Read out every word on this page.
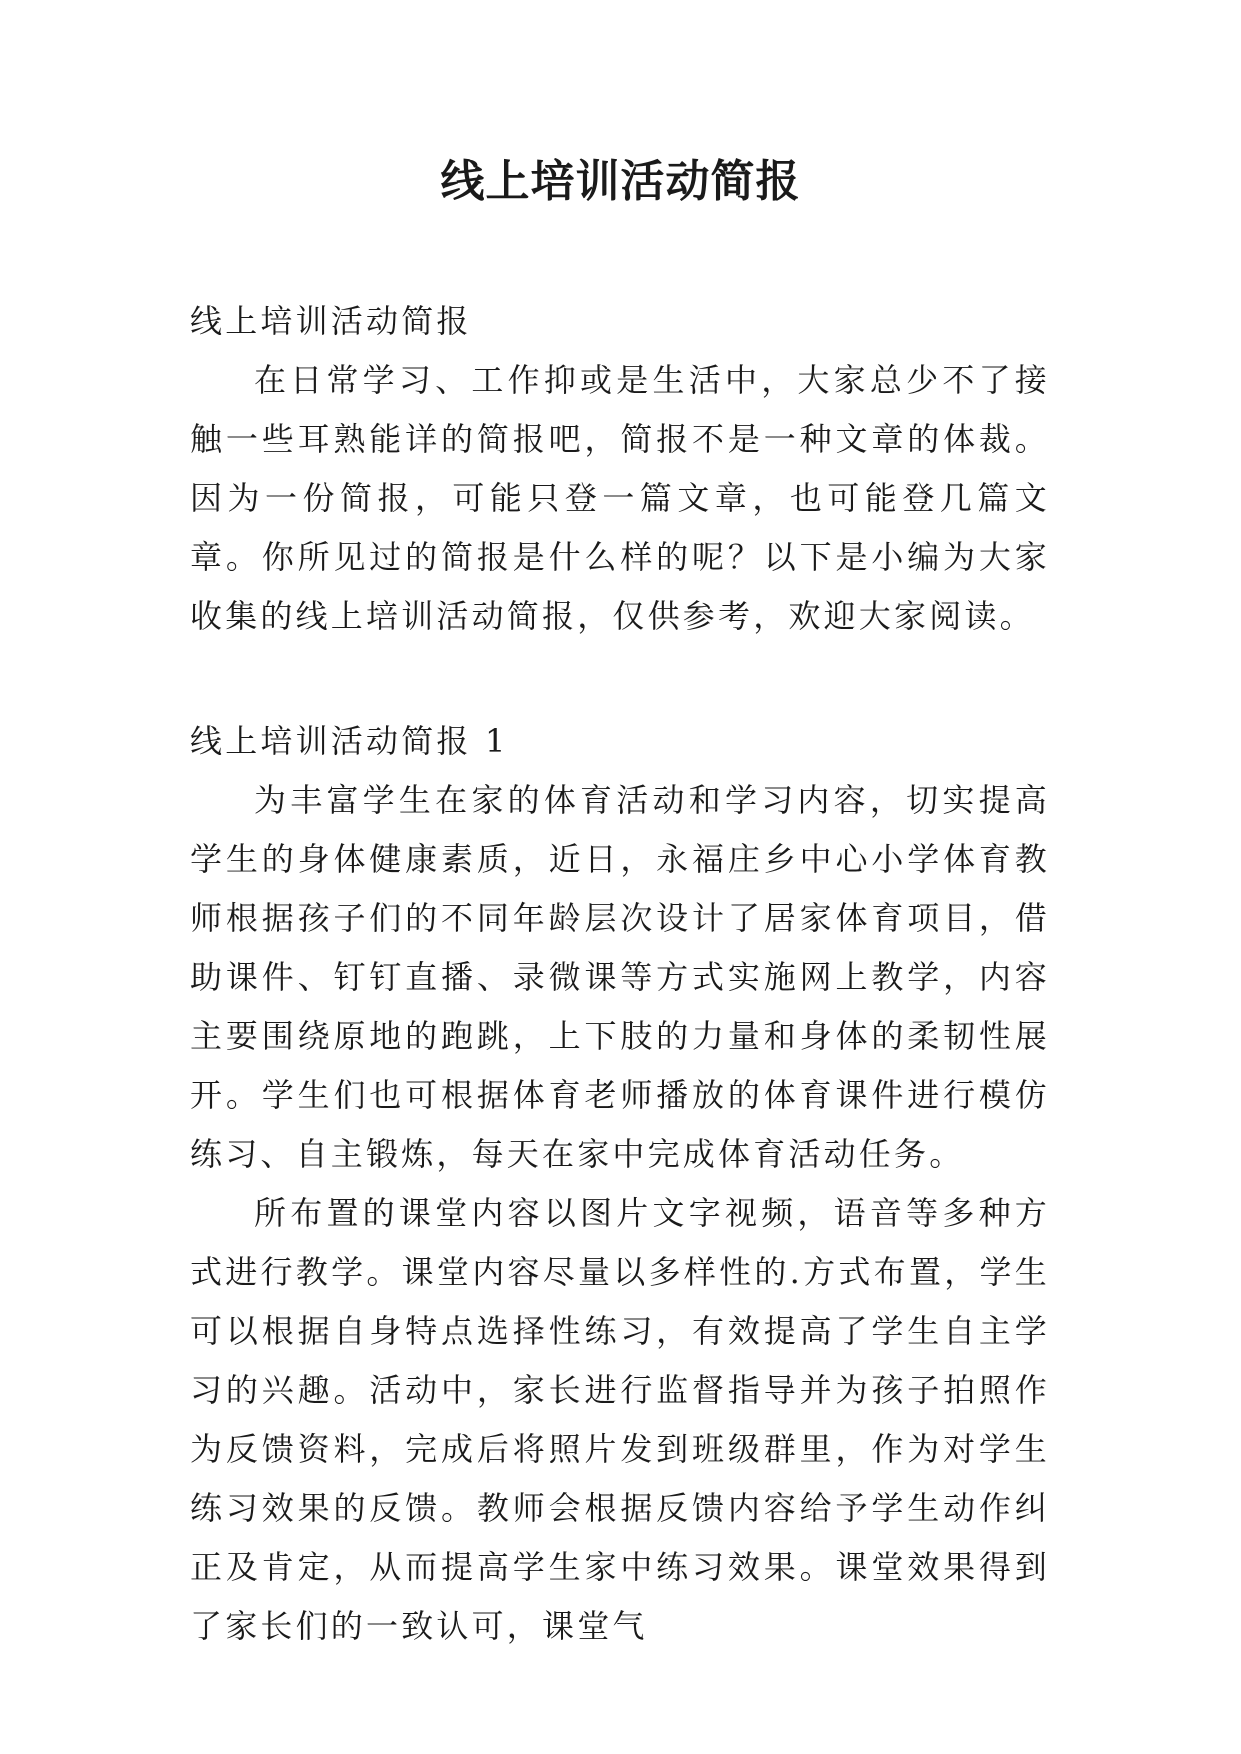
线上培训活动简报

线上培训活动简报

在日常学习、工作抑或是生活中，大家总少不了接触一些耳熟能详的简报吧，简报不是一种文章的体裁。因为一份简报，可能只登一篇文章，也可能登几篇文章。你所见过的简报是什么样的呢？以下是小编为大家收集的线上培训活动简报，仅供参考，欢迎大家阅读。

线上培训活动简报 1

为丰富学生在家的体育活动和学习内容，切实提高学生的身体健康素质，近日，永福庄乡中心小学体育教师根据孩子们的不同年龄层次设计了居家体育项目，借助课件、钉钉直播、录微课等方式实施网上教学，内容主要围绕原地的跑跳，上下肢的力量和身体的柔韧性展开。学生们也可根据体育老师播放的体育课件进行模仿练习、自主锻炼，每天在家中完成体育活动任务。

所布置的课堂内容以图片文字视频，语音等多种方式进行教学。课堂内容尽量以多样性的.方式布置，学生可以根据自身特点选择性练习，有效提高了学生自主学习的兴趣。活动中，家长进行监督指导并为孩子拍照作为反馈资料，完成后将照片发到班级群里，作为对学生练习效果的反馈。教师会根据反馈内容给予学生动作纠正及肯定，从而提高学生家中练习效果。课堂效果得到了家长们的一致认可，课堂气
